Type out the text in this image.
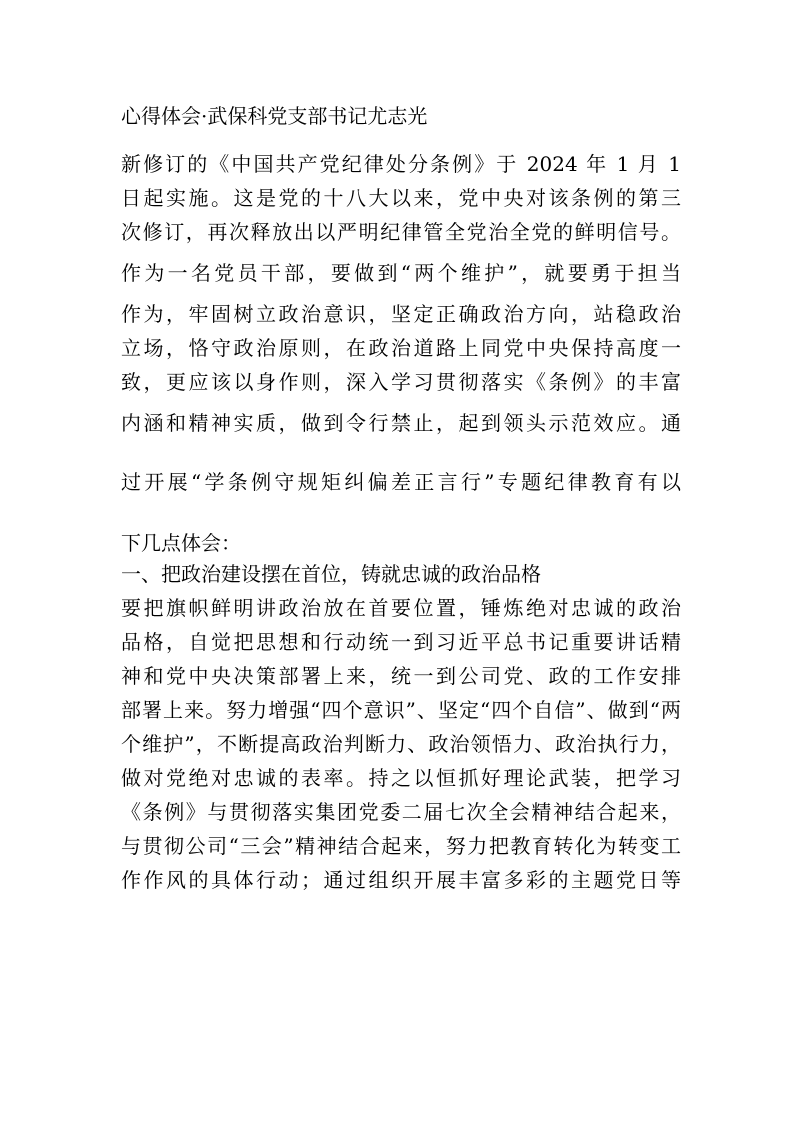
心得体会·武保科党支部书记尤志光
新修订的《中国共产党纪律处分条例》于 2024 年 1 月 1
日起实施。这是党的十八大以来，党中央对该条例的第三
次修订，再次释放出以严明纪律管全党治全党的鲜明信号。
作为一名党员干部，要做到“两个维护”，就要勇于担当
作为，牢固树立政治意识，坚定正确政治方向，站稳政治
立场，恪守政治原则，在政治道路上同党中央保持高度一
致，更应该以身作则，深入学习贯彻落实《条例》的丰富
内涵和精神实质，做到令行禁止，起到领头示范效应。通
过开展“学条例守规矩纠偏差正言行”专题纪律教育有以
下几点体会：
一、把政治建设摆在首位，铸就忠诚的政治品格
要把旗帜鲜明讲政治放在首要位置，锤炼绝对忠诚的政治
品格，自觉把思想和行动统一到习近平总书记重要讲话精
神和党中央决策部署上来，统一到公司党、政的工作安排
部署上来。努力增强“四个意识”、坚定“四个自信”、做到“两
个维护”，不断提高政治判断力、政治领悟力、政治执行力，
做对党绝对忠诚的表率。持之以恒抓好理论武装，把学习
《条例》与贯彻落实集团党委二届七次全会精神结合起来，
与贯彻公司“三会”精神结合起来，努力把教育转化为转变工
作作风的具体行动；通过组织开展丰富多彩的主题党日等
